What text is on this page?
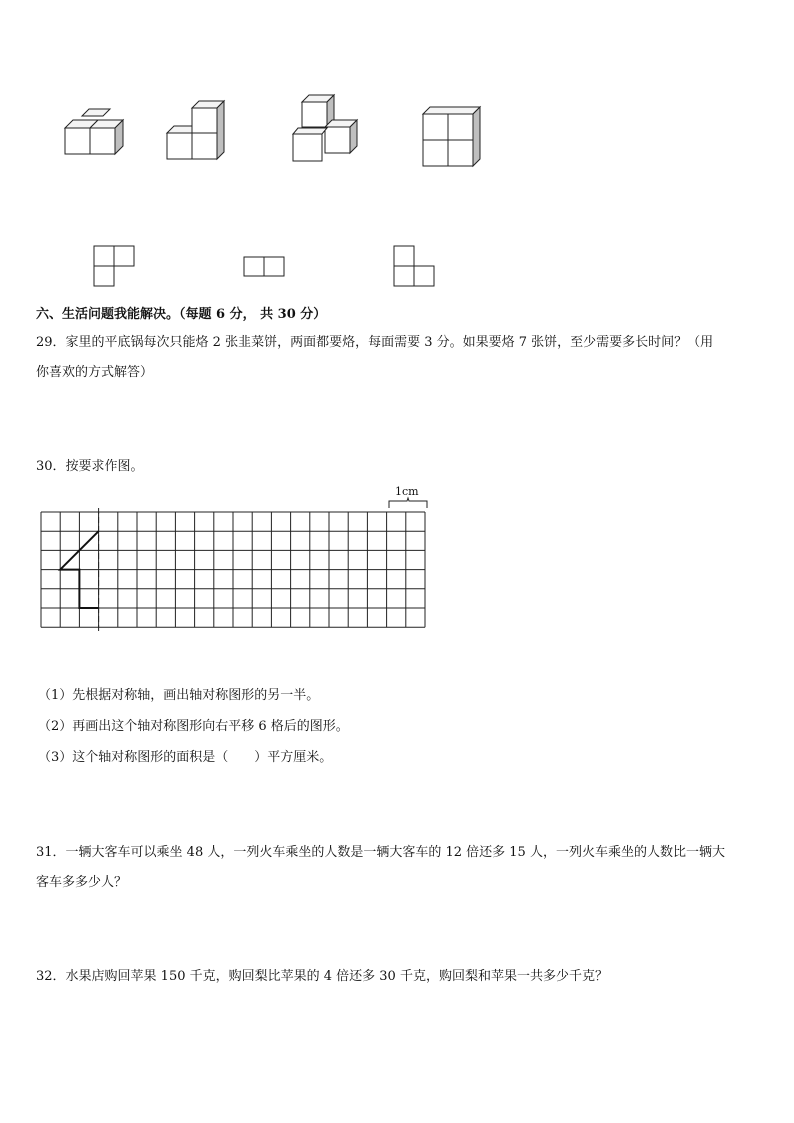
六、生活问题我能解决。（每题 6 分， 共 30 分）
29．家里的平底锅每次只能烙 2 张韭菜饼，两面都要烙，每面需要 3 分。如果要烙 7 张饼，至少需要多长时间？（用
你喜欢的方式解答）
30．按要求作图。
1cm
（1）先根据对称轴，画出轴对称图形的另一半。
（2）再画出这个轴对称图形向右平移 6 格后的图形。
（3）这个轴对称图形的面积是（　　）平方厘米。
31．一辆大客车可以乘坐 48 人，一列火车乘坐的人数是一辆大客车的 12 倍还多 15 人，一列火车乘坐的人数比一辆大
客车多多少人？
32．水果店购回苹果 150 千克，购回梨比苹果的 4 倍还多 30 千克，购回梨和苹果一共多少千克？
